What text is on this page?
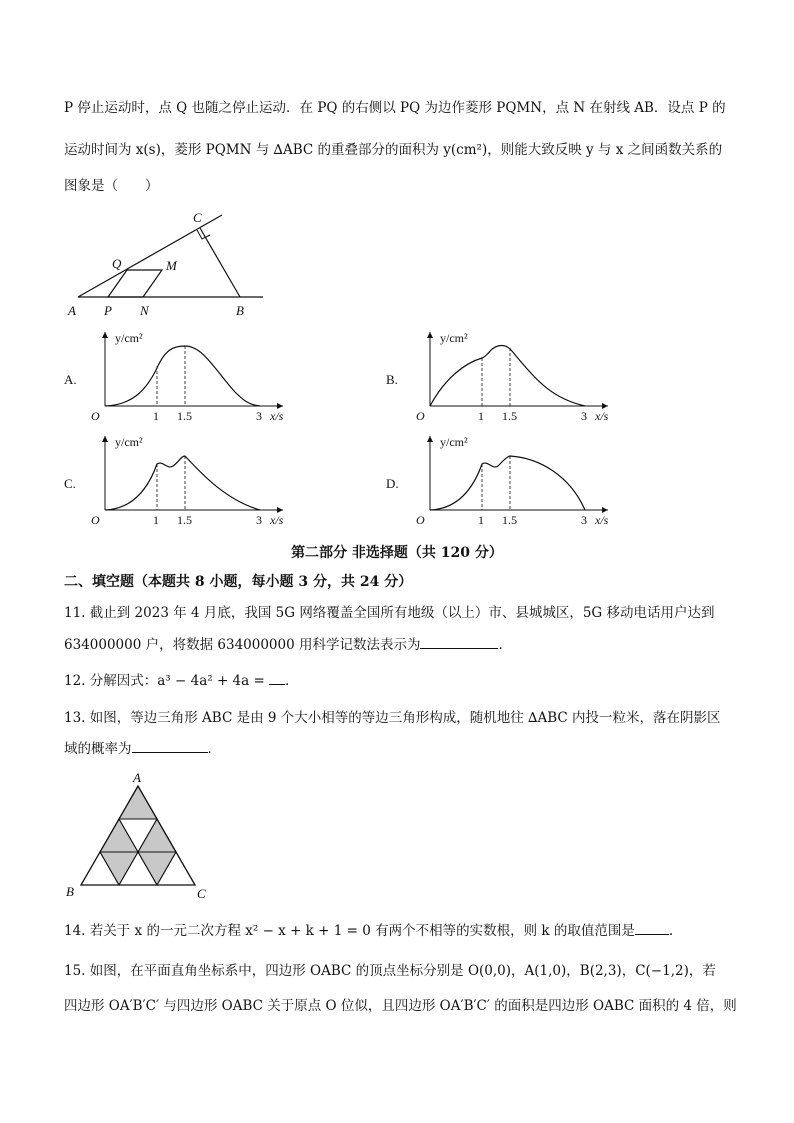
P 停止运动时，点 Q 也随之停止运动．在 PQ 的右侧以 PQ 为边作菱形 PQMN，点 N 在射线 AB．设点 P 的
运动时间为 x(s)，菱形 PQMN 与 ∆ABC 的重叠部分的面积为 y(cm²)，则能大致反映 y 与 x 之间函数关系的
图象是（　　）
A P N	B
Q	M
C
A.	B.
C.	D.
y/cm²
O	1 1.5	3 x/s
y/cm²
O	1 1.5	3 x/s
y/cm²
O	1 1.5	3 x/s
y/cm²
O	1 1.5	3 x/s
第二部分 非选择题（共 120 分）
二、填空题（本题共 8 小题，每小题 3 分，共 24 分）
11. 截止到 2023 年 4 月底，我国 5G 网络覆盖全国所有地级（以上）市、县城城区，5G 移动电话用户达到
634000000 户，将数据 634000000 用科学记数法表示为	．
12. 分解因式：a³ − 4a² + 4a = ．
13. 如图，等边三角形 ABC 是由 9 个大小相等的等边三角形构成，随机地往 ∆ABC 内投一粒米，落在阴影区
域的概率为	．
A
B	C
14. 若关于 x 的一元二次方程 x² − x + k + 1 = 0 有两个不相等的实数根，则 k 的取值范围是	.
15. 如图，在平面直角坐标系中，四边形 OABC 的顶点坐标分别是 O(0,0)，A(1,0)，B(2,3)，C(−1,2)，若
四边形 OA′B′C′ 与四边形 OABC 关于原点 O 位似，且四边形 OA′B′C′ 的面积是四边形 OABC 面积的 4 倍，则
